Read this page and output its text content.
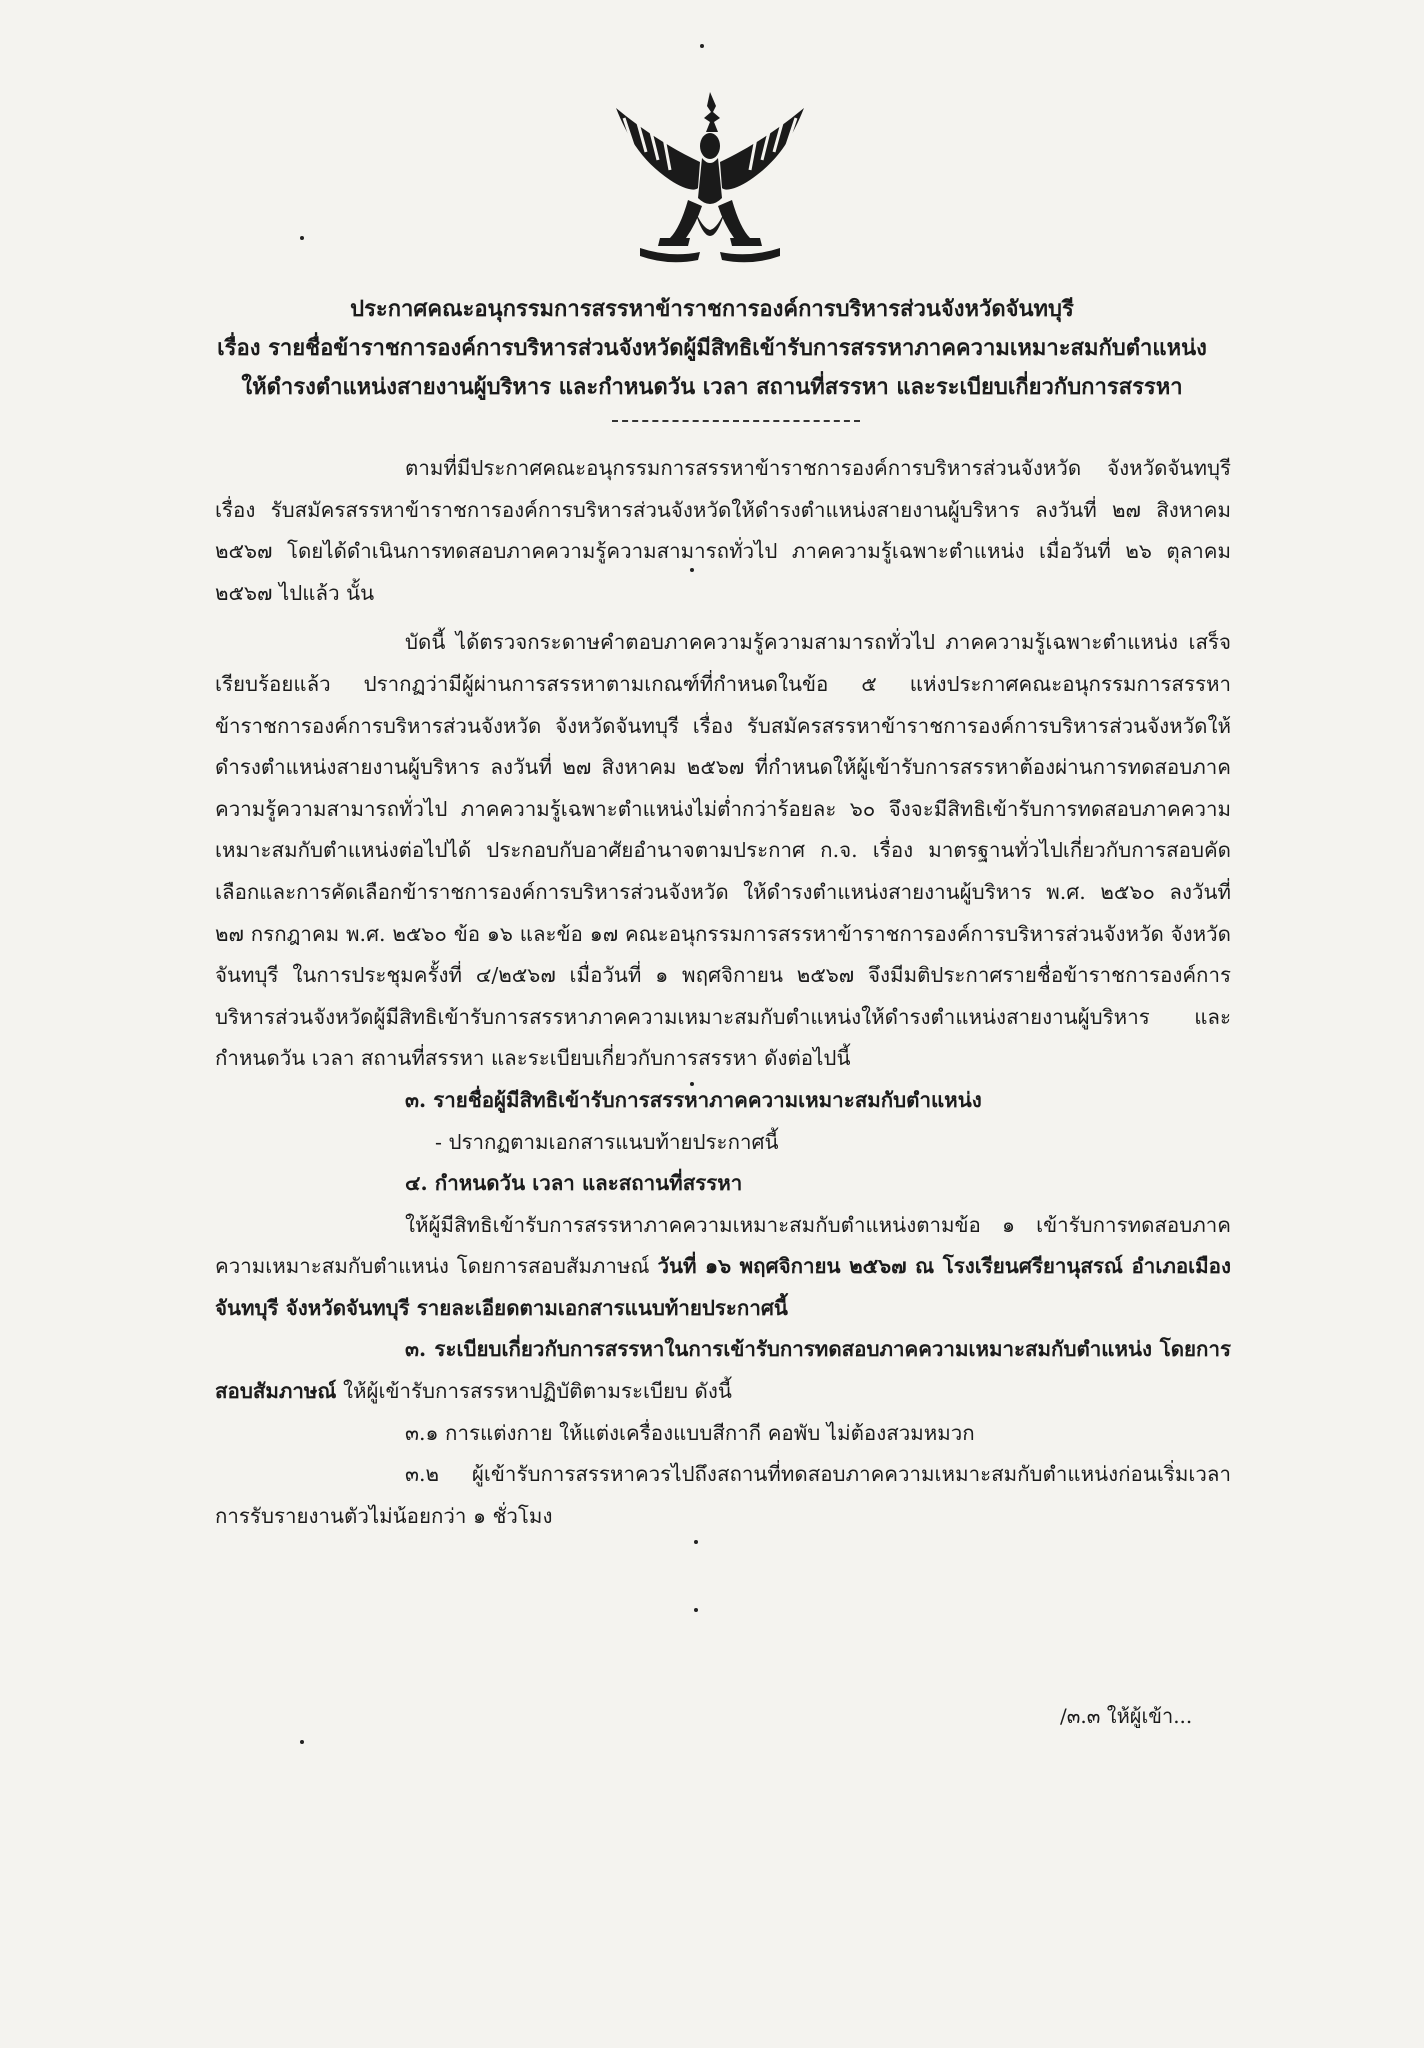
ประกาศคณะอนุกรรมการสรรหาข้าราชการองค์การบริหารส่วนจังหวัดจันทบุรี
เรื่อง รายชื่อข้าราชการองค์การบริหารส่วนจังหวัดผู้มีสิทธิเข้ารับการสรรหาภาคความเหมาะสมกับตำแหน่ง
ให้ดำรงตำแหน่งสายงานผู้บริหาร และกำหนดวัน เวลา สถานที่สรรหา และระเบียบเกี่ยวกับการสรรหา

ตามที่มีประกาศคณะอนุกรรมการสรรหาข้าราชการองค์การบริหารส่วนจังหวัด จังหวัดจันทบุรี เรื่อง รับสมัครสรรหาข้าราชการองค์การบริหารส่วนจังหวัดให้ดำรงตำแหน่งสายงานผู้บริหาร ลงวันที่ ๒๗ สิงหาคม ๒๕๖๗ โดยได้ดำเนินการทดสอบภาคความรู้ความสามารถทั่วไป ภาคความรู้เฉพาะตำแหน่ง เมื่อวันที่ ๒๖ ตุลาคม ๒๕๖๗ ไปแล้ว นั้น

บัดนี้ ได้ตรวจกระดาษคำตอบภาคความรู้ความสามารถทั่วไป ภาคความรู้เฉพาะตำแหน่ง เสร็จเรียบร้อยแล้ว ปรากฏว่ามีผู้ผ่านการสรรหาตามเกณฑ์ที่กำหนดในข้อ ๕ แห่งประกาศคณะอนุกรรมการสรรหาข้าราชการองค์การบริหารส่วนจังหวัด จังหวัดจันทบุรี เรื่อง รับสมัครสรรหาข้าราชการองค์การบริหารส่วนจังหวัดให้ดำรงตำแหน่งสายงานผู้บริหาร ลงวันที่ ๒๗ สิงหาคม ๒๕๖๗ ที่กำหนดให้ผู้เข้ารับการสรรหาต้องผ่านการทดสอบภาคความรู้ความสามารถทั่วไป ภาคความรู้เฉพาะตำแหน่งไม่ต่ำกว่าร้อยละ ๖๐ จึงจะมีสิทธิเข้ารับการทดสอบภาคความเหมาะสมกับตำแหน่งต่อไปได้ ประกอบกับอาศัยอำนาจตามประกาศ ก.จ. เรื่อง มาตรฐานทั่วไปเกี่ยวกับการสอบคัดเลือกและการคัดเลือกข้าราชการองค์การบริหารส่วนจังหวัด ให้ดำรงตำแหน่งสายงานผู้บริหาร พ.ศ. ๒๕๖๐ ลงวันที่ ๒๗ กรกฎาคม พ.ศ. ๒๕๖๐ ข้อ ๑๖ และข้อ ๑๗ คณะอนุกรรมการสรรหาข้าราชการองค์การบริหารส่วนจังหวัด จังหวัดจันทบุรี ในการประชุมครั้งที่ ๔/๒๕๖๗ เมื่อวันที่ ๑ พฤศจิกายน ๒๕๖๗ จึงมีมติประกาศรายชื่อข้าราชการองค์การบริหารส่วนจังหวัดผู้มีสิทธิเข้ารับการสรรหาภาคความเหมาะสมกับตำแหน่งให้ดำรงตำแหน่งสายงานผู้บริหาร และกำหนดวัน เวลา สถานที่สรรหา และระเบียบเกี่ยวกับการสรรหา ดังต่อไปนี้

๓. รายชื่อผู้มีสิทธิเข้ารับการสรรหาภาคความเหมาะสมกับตำแหน่ง

- ปรากฏตามเอกสารแนบท้ายประกาศนี้

๔. กำหนดวัน เวลา และสถานที่สรรหา

ให้ผู้มีสิทธิเข้ารับการสรรหาภาคความเหมาะสมกับตำแหน่งตามข้อ ๑ เข้ารับการทดสอบภาคความเหมาะสมกับตำแหน่ง โดยการสอบสัมภาษณ์ วันที่ ๑๖ พฤศจิกายน ๒๕๖๗ ณ โรงเรียนศรียานุสรณ์ อำเภอเมืองจันทบุรี จังหวัดจันทบุรี รายละเอียดตามเอกสารแนบท้ายประกาศนี้

๓. ระเบียบเกี่ยวกับการสรรหาในการเข้ารับการทดสอบภาคความเหมาะสมกับตำแหน่ง โดยการสอบสัมภาษณ์ ให้ผู้เข้ารับการสรรหาปฏิบัติตามระเบียบ ดังนี้

๓.๑ การแต่งกาย ให้แต่งเครื่องแบบสีกากี คอพับ ไม่ต้องสวมหมวก

๓.๒ ผู้เข้ารับการสรรหาควรไปถึงสถานที่ทดสอบภาคความเหมาะสมกับตำแหน่งก่อนเริ่มเวลาการรับรายงานตัวไม่น้อยกว่า ๑ ชั่วโมง

/๓.๓ ให้ผู้เข้า...
